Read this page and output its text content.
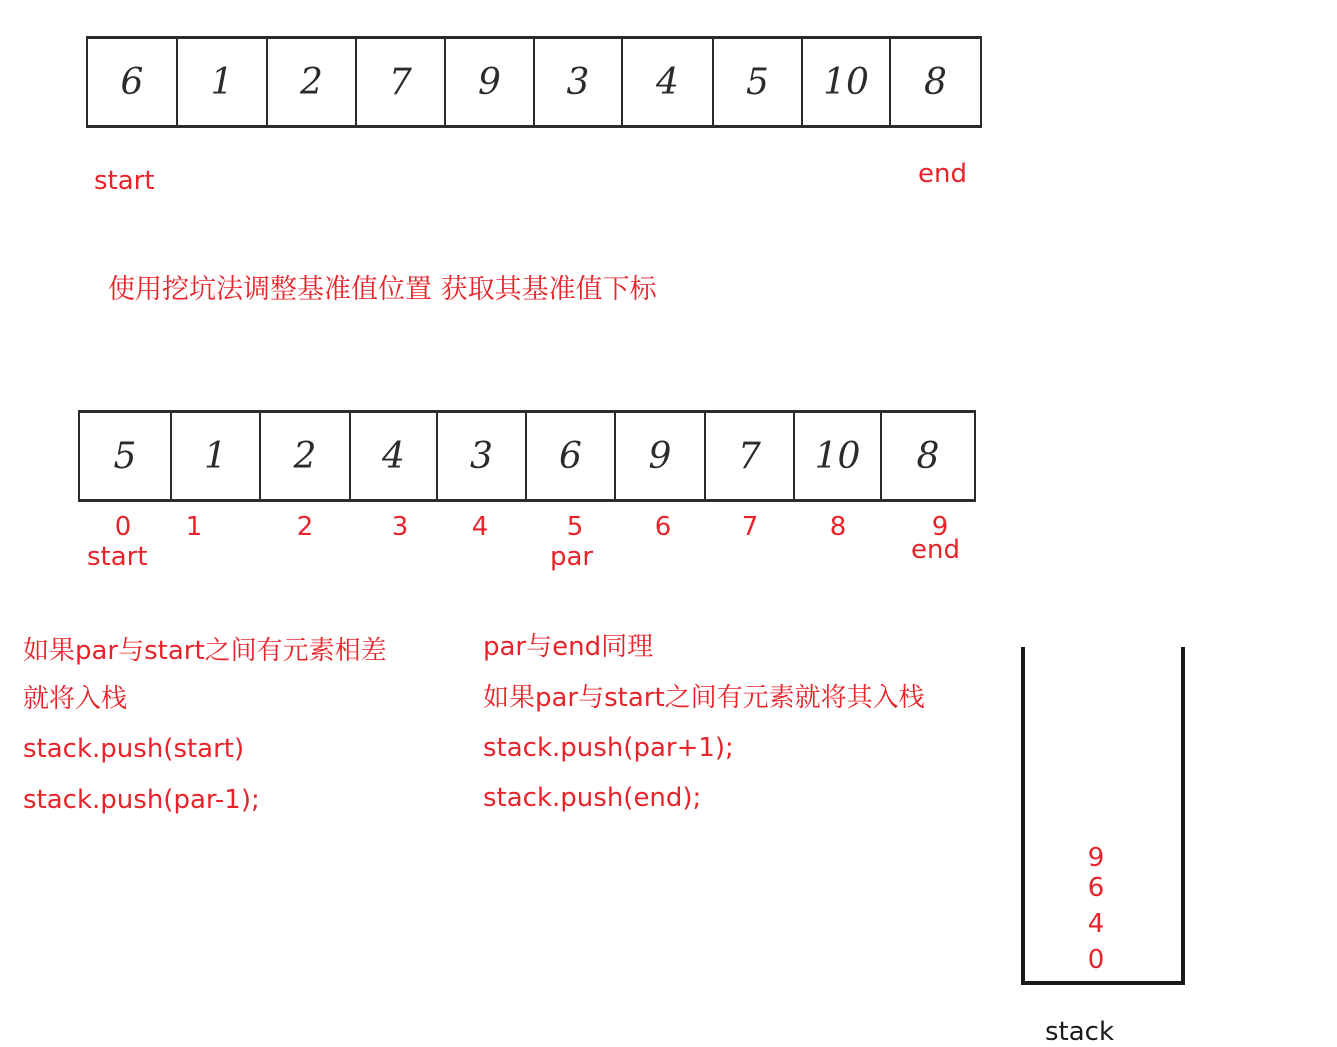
6	1	2	7	9	3	4	5	10	8
start	end
使用挖坑法调整基准值位置 获取其基准值下标
5	1	2	4	3	6	9	7	10	8
0 1	2	3 4	5	6	7	8	9
start	par	end
如果par与start之间有元素相差
就将入栈
stack.push(start)
stack.push(par-1);
par与end同理
如果par与start之间有元素就将其入栈
stack.push(par+1);
stack.push(end);
9
6
4
0
stack
